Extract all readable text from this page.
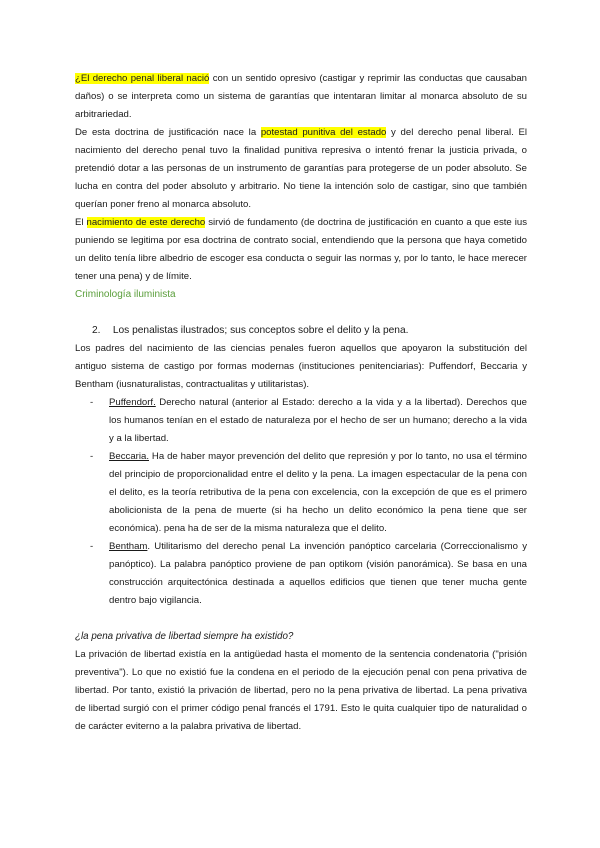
¿El derecho penal liberal nació con un sentido opresivo (castigar y reprimir las conductas que causaban daños) o se interpreta como un sistema de garantías que intentaran limitar al monarca absoluto de su arbitrariedad.

De esta doctrina de justificación nace la potestad punitiva del estado y del derecho penal liberal. El nacimiento del derecho penal tuvo la finalidad punitiva represiva o intentó frenar la justicia privada, o pretendió dotar a las personas de un instrumento de garantías para protegerse de un poder absoluto. Se lucha en contra del poder absoluto y arbitrario. No tiene la intención solo de castigar, sino que también querían poner freno al monarca absoluto.

El nacimiento de este derecho sirvió de fundamento (de doctrina de justificación en cuanto a que este ius puniendo se legitima por esa doctrina de contrato social, entendiendo que la persona que haya cometido un delito tenía libre albedrio de escoger esa conducta o seguir las normas y, por lo tanto, le hace merecer tener una pena) y de límite.

Criminología iluminista

2. Los penalistas ilustrados; sus conceptos sobre el delito y la pena.

Los padres del nacimiento de las ciencias penales fueron aquellos que apoyaron la substitución del antiguo sistema de castigo por formas modernas (instituciones penitenciarias): Puffendorf, Beccaria y Bentham (iusnaturalistas, contractualitas y utilitaristas).

- Puffendorf. Derecho natural (anterior al Estado: derecho a la vida y a la libertad). Derechos que los humanos tenían en el estado de naturaleza por el hecho de ser un humano; derecho a la vida y a la libertad.
- Beccaria. Ha de haber mayor prevención del delito que represión y por lo tanto, no usa el término del principio de proporcionalidad entre el delito y la pena. La imagen espectacular de la pena con el delito, es la teoría retributiva de la pena con excelencia, con la excepción de que es el primero abolicionista de la pena de muerte (si ha hecho un delito económico la pena tiene que ser económica). pena ha de ser de la misma naturaleza que el delito.
- Bentham. Utilitarismo del derecho penal La invención panóptico carcelaria (Correccionalismo y panóptico). La palabra panóptico proviene de pan optikom (visión panorámica). Se basa en una construcción arquitectónica destinada a aquellos edificios que tienen que tener mucha gente dentro bajo vigilancia.

¿la pena privativa de libertad siempre ha existido?

La privación de libertad existía en la antigüedad hasta el momento de la sentencia condenatoria ("prisión preventiva"). Lo que no existió fue la condena en el periodo de la ejecución penal con pena privativa de libertad. Por tanto, existió la privación de libertad, pero no la pena privativa de libertad. La pena privativa de libertad surgió con el primer código penal francés el 1791. Esto le quita cualquier tipo de naturalidad o de carácter eviterno a la palabra privativa de libertad.
